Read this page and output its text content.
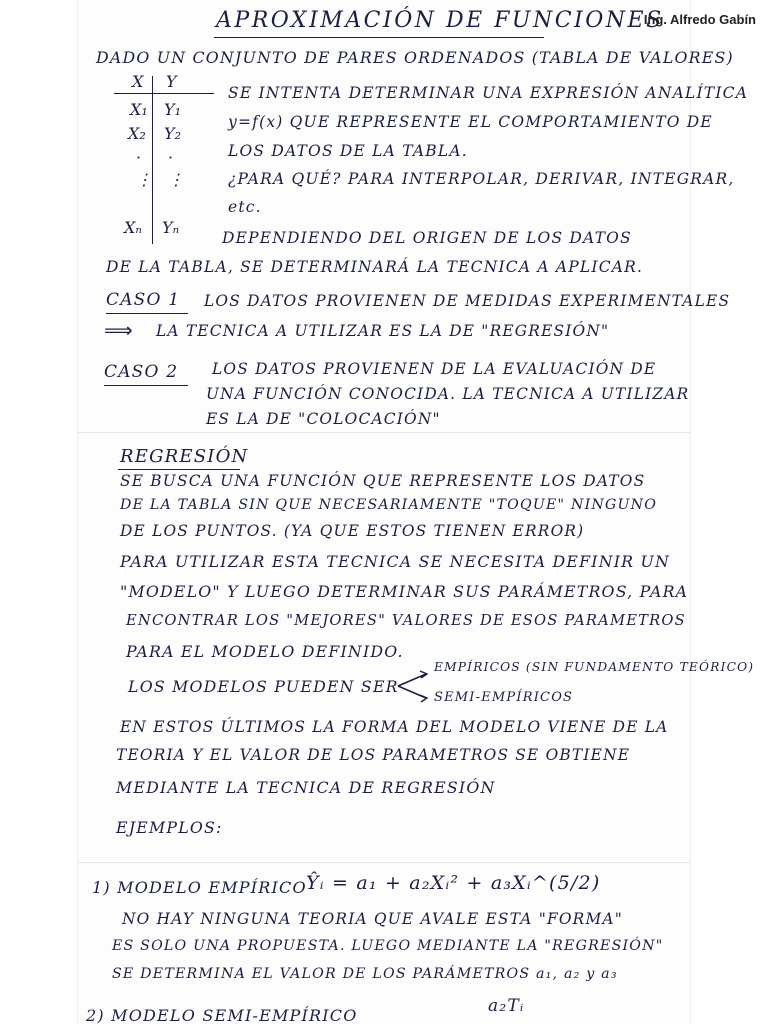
APROXIMACIÓN DE FUNCIONES
DADO UN CONJUNTO DE PARES ORDENADOS (TABLA DE VALORES)
X Y
X₁ Y₁
X₂ Y₂
· ·
⋮ ⋮
Xₙ Yₙ
SE INTENTA DETERMINAR UNA EXPRESIÓN ANALÍTICA
y=f(x) QUE REPRESENTE EL COMPORTAMIENTO DE
LOS DATOS DE LA TABLA.
¿PARA QUÉ? PARA INTERPOLAR, DERIVAR, INTEGRAR,
etc.
DEPENDIENDO DEL ORIGEN DE LOS DATOS
DE LA TABLA, SE DETERMINARÁ LA TECNICA A APLICAR.
CASO 1 LOS DATOS PROVIENEN DE MEDIDAS EXPERIMENTALES
⟹ LA TECNICA A UTILIZAR ES LA DE "REGRESIÓN"
CASO 2 LOS DATOS PROVIENEN DE LA EVALUACIÓN DE
UNA FUNCIÓN CONOCIDA. LA TECNICA A UTILIZAR
ES LA DE "COLOCACIÓN"
REGRESIÓN
SE BUSCA UNA FUNCIÓN QUE REPRESENTE LOS DATOS
DE LA TABLA SIN QUE NECESARIAMENTE "TOQUE" NINGUNO
DE LOS PUNTOS. (YA QUE ESTOS TIENEN ERROR)
PARA UTILIZAR ESTA TECNICA SE NECESITA DEFINIR UN
"MODELO" Y LUEGO DETERMINAR SUS PARÁMETROS, PARA
ENCONTRAR LOS "MEJORES" VALORES DE ESOS PARAMETROS
PARA EL MODELO DEFINIDO.
LOS MODELOS PUEDEN SER
EMPÍRICOS (SIN FUNDAMENTO TEÓRICO)
SEMI-EMPÍRICOS
EN ESTOS ÚLTIMOS LA FORMA DEL MODELO VIENE DE LA
TEORIA Y EL VALOR DE LOS PARAMETROS SE OBTIENE
MEDIANTE LA TECNICA DE REGRESIÓN
EJEMPLOS:
1) MODELO EMPÍRICO Ŷᵢ = a₁ + a₂Xᵢ² + a₃Xᵢ^(5/2)
NO HAY NINGUNA TEORIA QUE AVALE ESTA "FORMA"
ES SOLO UNA PROPUESTA. LUEGO MEDIANTE LA "REGRESIÓN"
SE DETERMINA EL VALOR DE LOS PARÁMETROS a₁, a₂ y a₃
2) MODELO SEMI-EMPÍRICO	a₂Tᵢ
Ing. Alfredo Gabín
